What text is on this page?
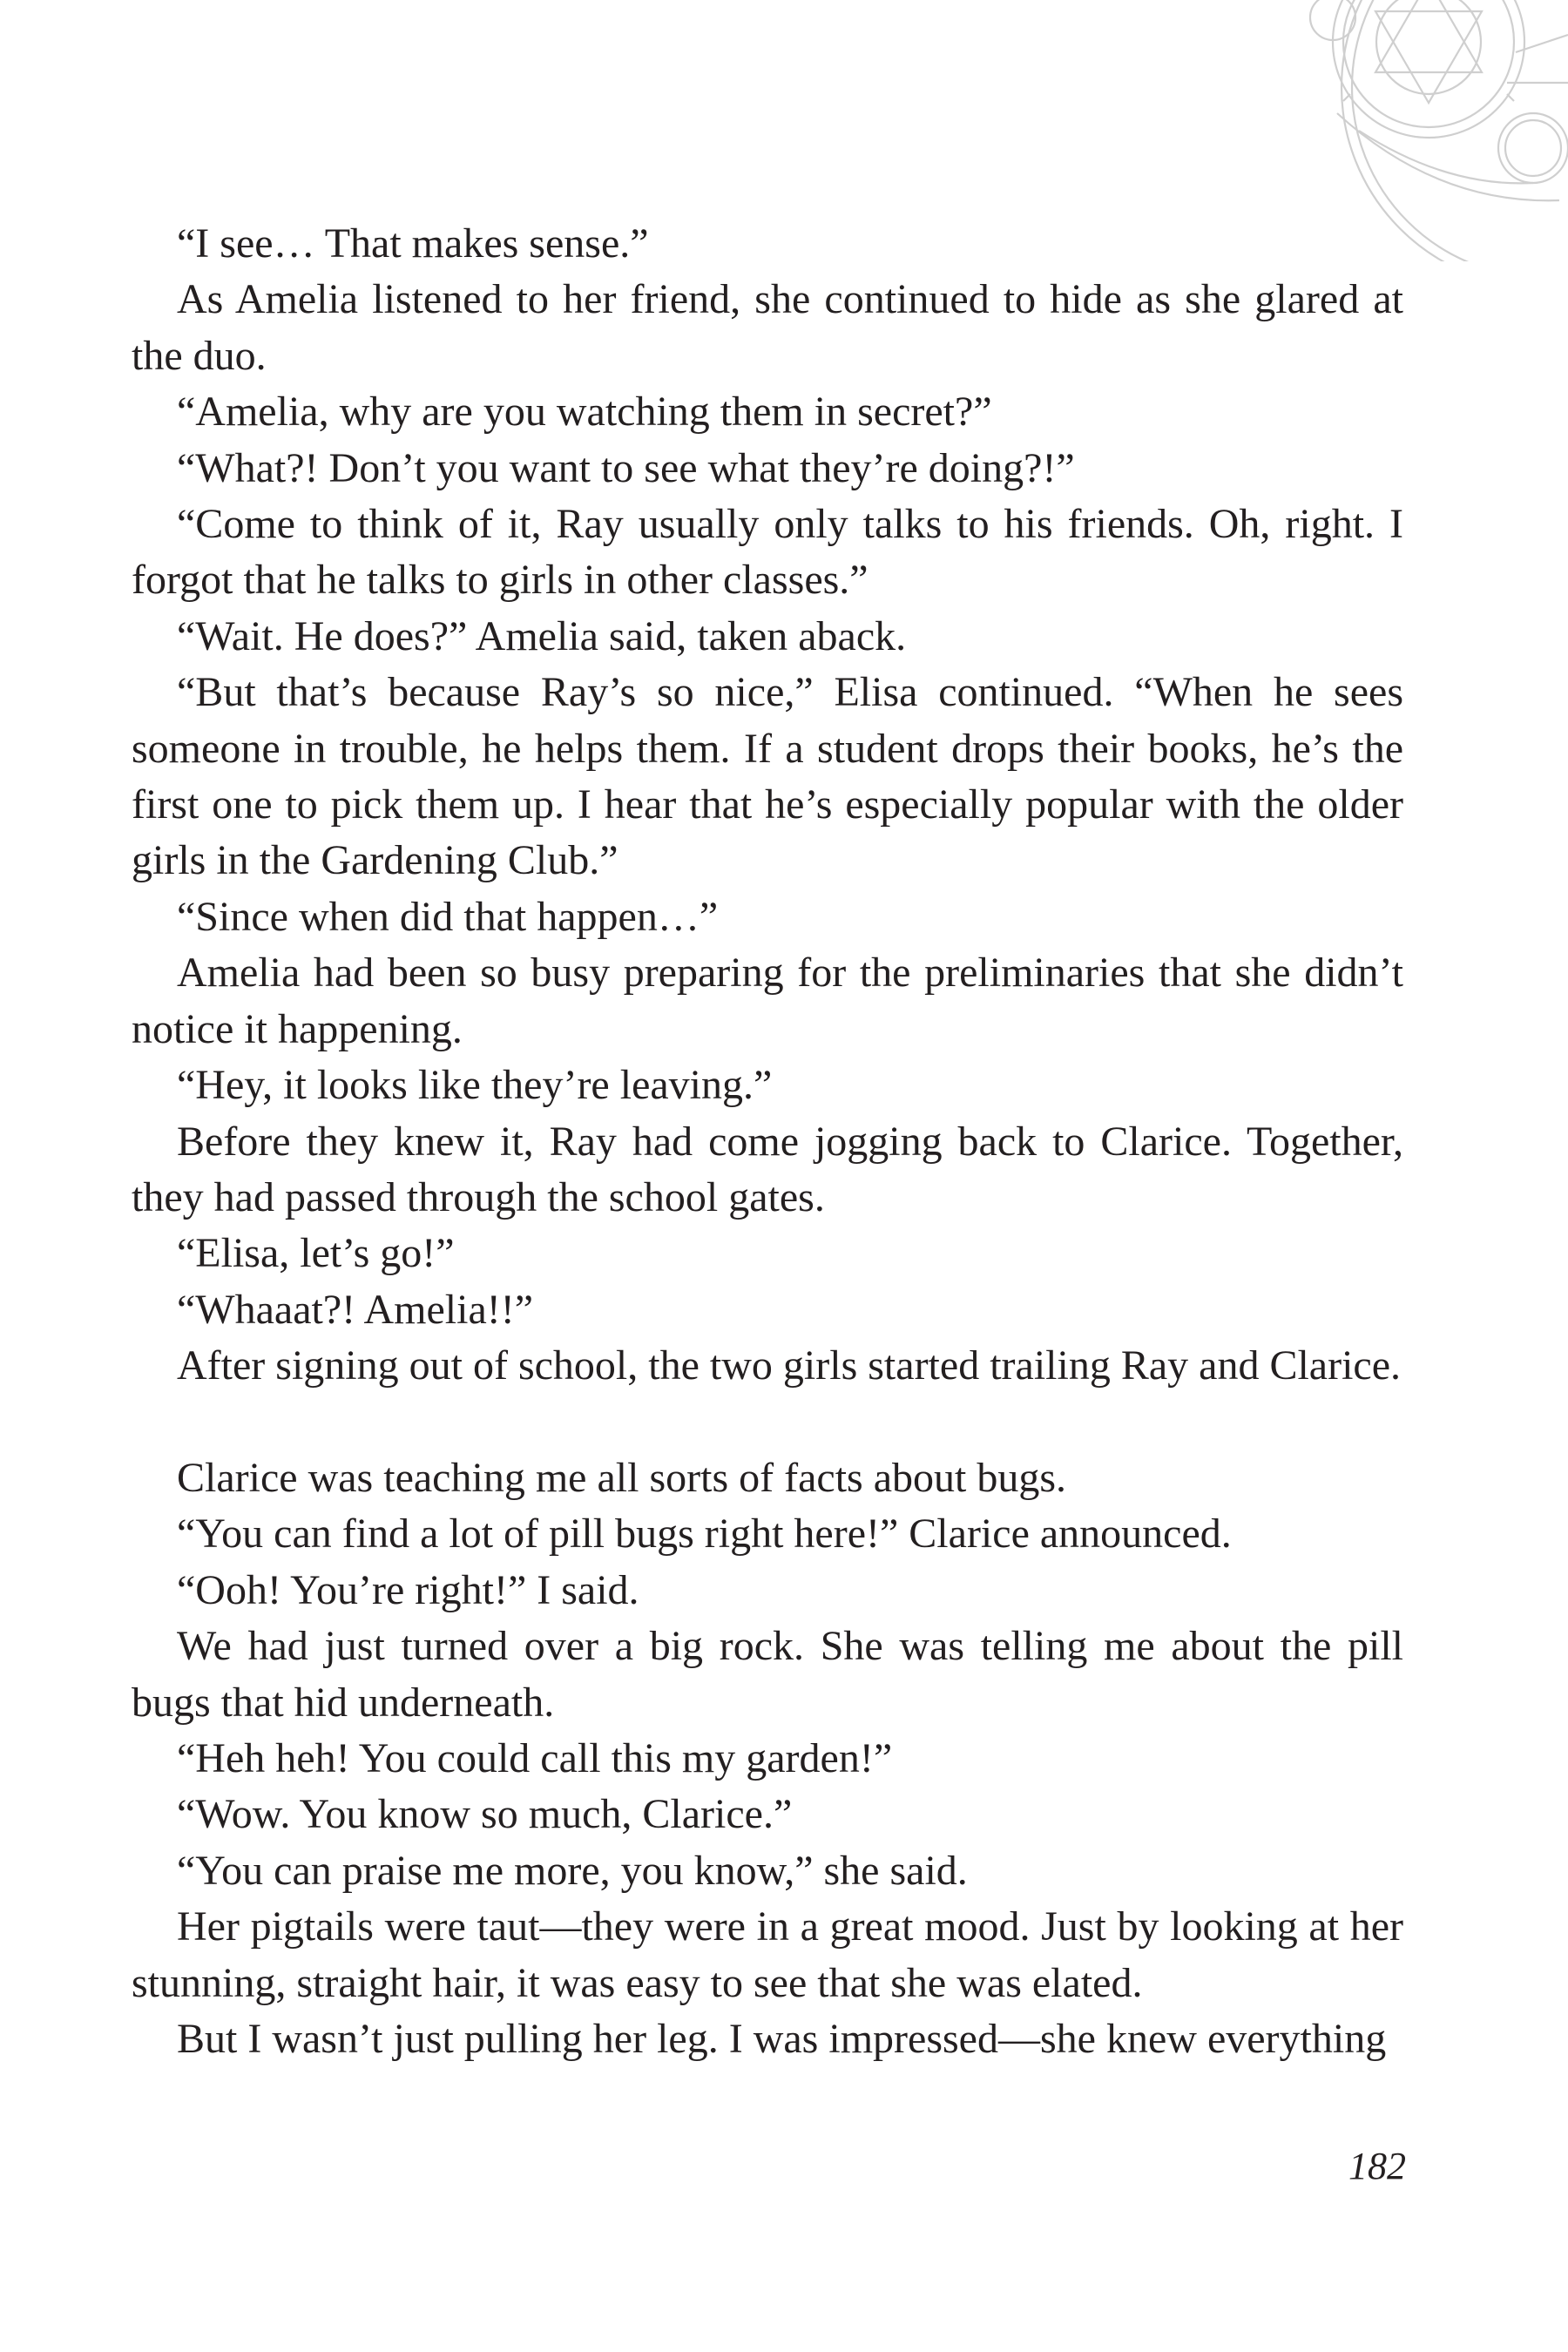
“I see… That makes sense.”

As Amelia listened to her friend, she continued to hide as she glared at the duo.

“Amelia, why are you watching them in secret?”

“What?! Don’t you want to see what they’re doing?!”

“Come to think of it, Ray usually only talks to his friends. Oh, right. I forgot that he talks to girls in other classes.”

“Wait. He does?” Amelia said, taken aback.

“But that’s because Ray’s so nice,” Elisa continued. “When he sees someone in trouble, he helps them. If a student drops their books, he’s the first one to pick them up. I hear that he’s especially popular with the older girls in the Gardening Club.”

“Since when did that happen…”

Amelia had been so busy preparing for the preliminaries that she didn’t notice it happening.

“Hey, it looks like they’re leaving.”

Before they knew it, Ray had come jogging back to Clarice. Together, they had passed through the school gates.

“Elisa, let’s go!”

“Whaaat?! Amelia!!”

After signing out of school, the two girls started trailing Ray and Clarice.

Clarice was teaching me all sorts of facts about bugs.

“You can find a lot of pill bugs right here!” Clarice announced.

“Ooh! You’re right!” I said.

We had just turned over a big rock. She was telling me about the pill bugs that hid underneath.

“Heh heh! You could call this my garden!”

“Wow. You know so much, Clarice.”

“You can praise me more, you know,” she said.

Her pigtails were taut—they were in a great mood. Just by looking at her stunning, straight hair, it was easy to see that she was elated.

But I wasn’t just pulling her leg. I was impressed—she knew everything

182
